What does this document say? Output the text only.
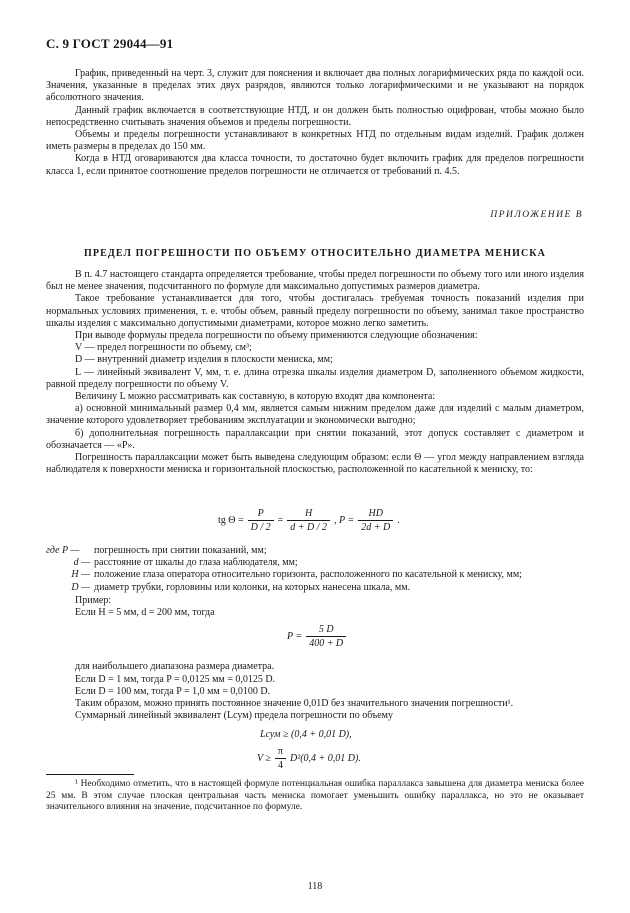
С. 9 ГОСТ 29044—91

График, приведенный на черт. 3, служит для пояснения и включает два полных логарифмических ряда по каждой оси. Значения, указанные в пределах этих двух разрядов, являются только логарифмическими и не указывают на порядок абсолютного значения.

Данный график включается в соответствующие НТД, и он должен быть полностью оцифрован, чтобы можно было непосредственно считывать значения объемов и пределы погрешности.

Объемы и пределы погрешности устанавливают в конкретных НТД по отдельным видам изделий. График должен иметь размеры в пределах до 150 мм.

Когда в НТД оговариваются два класса точности, то достаточно будет включить график для пределов погрешности класса 1, если принятое соотношение пределов погрешности не отличается от требований п. 4.5.

ПРИЛОЖЕНИЕ В
ПРЕДЕЛ ПОГРЕШНОСТИ ПО ОБЪЕМУ ОТНОСИТЕЛЬНО ДИАМЕТРА МЕНИСКА

В п. 4.7 настоящего стандарта определяется требование, чтобы предел погрешности по объему того или иного изделия был не менее значения, подсчитанного по формуле для максимально допустимых размеров диаметра.

Такое требование устанавливается для того, чтобы достигалась требуемая точность показаний изделия при нормальных условиях применения, т. е. чтобы объем, равный пределу погрешности по объему, занимал такое пространство шкалы изделия с максимально допустимыми диаметрами, которое можно легко заметить.

При выводе формулы предела погрешности по объему применяются следующие обозначения:

V — предел погрешности по объему, см³;

D — внутренний диаметр изделия в плоскости мениска, мм;

L — линейный эквивалент V, мм, т. е. длина отрезка шкалы изделия диаметром D, заполненного объемом жидкости, равной пределу погрешности по объему V.

Величину L можно рассматривать как составную, в которую входят два компонента:

а) основной минимальный размер 0,4 мм, является самым нижним пределом даже для изделий с малым диаметром, значение которого удовлетворяет требованиям эксплуатации и экономически выгодно;

б) дополнительная погрешность параллаксации при снятии показаний, этот допуск составляет с диаметром и обозначается — «P».

Погрешность параллаксации может быть выведена следующим образом: если Θ — угол между направлением взгляда наблюдателя к поверхности мениска и горизонтальной плоскостью, расположенной по касательной к мениску, то:

tg $\Theta = \frac{P}{D / 2} = \frac{H}{d + D / 2}$ , $P = \frac{HD}{2d + D}$ .
где P —	погрешность при снятии показаний, мм;
d — расстояние от шкалы до глаза наблюдателя, мм;
H — положение глаза оператора относительно горизонта, расположенного по касательной к мениску, мм;
D — диаметр трубки, горловины или колонки, на которых нанесена шкала, мм.
Пример:
Если H = 5 мм, d = 200 мм, тогда
$P = \frac{5 D}{400 + D}$
для наибольшего диапазона размера диаметра.
Если D = 1 мм, тогда P = 0,0125 мм = 0,0125 D.
Если D = 100 мм, тогда P = 1,0 мм = 0,0100 D.
Таким образом, можно принять постоянное значение 0,01D без значительного значения погрешности¹.
Суммарный линейный эквивалент (Lсум) предела погрешности по объему
Lсум ≥ (0,4 + 0,01 D),
$V \ge \frac{\pi}{4} D^2(0,4 + 0,01$ D).

¹ Необходимо отметить, что в настоящей формуле потенциальная ошибка параллакса завышена для диаметра мениска более 25 мм. В этом случае плоская центральная часть мениска помогает уменьшить ошибку параллакса, но это не оказывает значительного влияния на значение, подсчитанное по формуле.

118
